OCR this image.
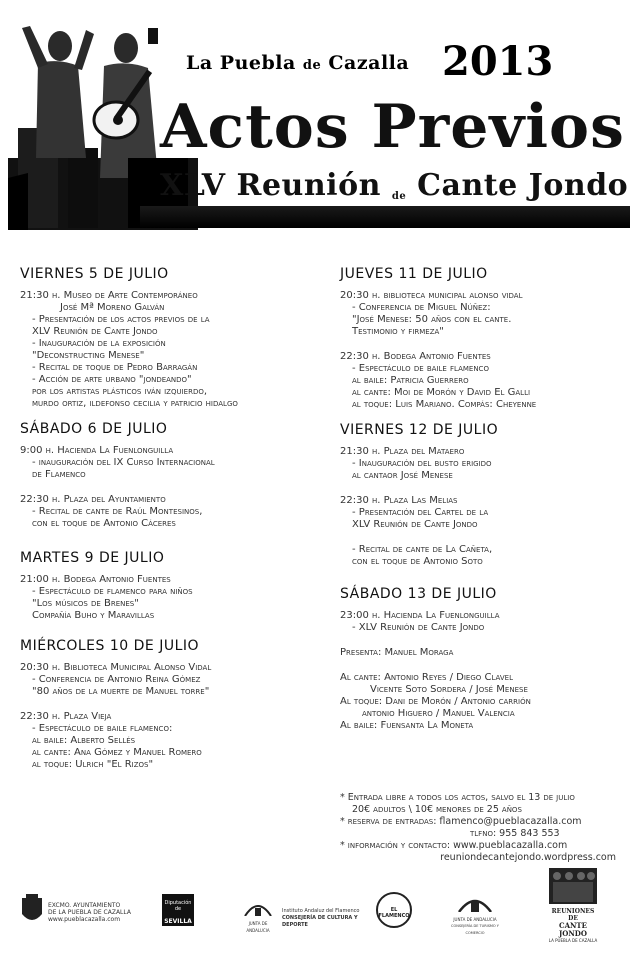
La Puebla de Cazalla 2013
Actos Previos
XLV Reunión de Cante Jondo
VIERNES 5 DE JULIO
21:30 h. Museo de Arte Contemporáneo
José Mª Moreno Galván
- Presentación de los actos previos de la
XLV Reunión de Cante Jondo
- Inauguración de la exposición
"Deconstructing Menese"
- Recital de toque de Pedro Barragán
- Acción de arte urbano "jondeando"
por los artistas plásticos iván izquierdo,
murdo ortiz, ildefonso cecilia y patricio hidalgo
SÁBADO 6 DE JULIO
9:00 h. Hacienda La Fuenlonguilla
- inauguración del IX Curso Internacional
de Flamenco
22:30 h. Plaza del Ayuntamiento
- Recital de cante de Raúl Montesinos,
con el toque de Antonio Cáceres
MARTES 9 DE JULIO
21:00 h. Bodega Antonio Fuentes
- Espectáculo de flamenco para niños
"Los músicos de Brenes"
Compañía Buho y Maravillas
MIÉRCOLES 10 DE JULIO
20:30 h. Biblioteca Municipal Alonso Vidal
- Conferencia de Antonio Reina Gómez
"80 años de la muerte de Manuel torre"
22:30 h. Plaza Vieja
- Espectáculo de baile flamenco:
al baile: Alberto Sellés
al cante: Ana Gómez y Manuel Romero
al toque: Ulrich "El Rizos"
JUEVES 11 DE JULIO
20:30 h. biblioteca municipal alonso vidal
- Conferencia de Miguel Núñez:
"José Menese: 50 años con el cante.
Testimonio y firmeza"
22:30 h. Bodega Antonio Fuentes
- Espectáculo de baile flamenco
al baile: Patricia Guerrero
al cante: Moi de Morón y David El Galli
al toque: Luis Mariano. Compás: Cheyenne
VIERNES 12 DE JULIO
21:30 h. Plaza del Mataero
- Inauguración del busto erigido
al cantaor José Menese
22:30 h. Plaza Las Melias
- Presentación del Cartel de la
XLV Reunión de Cante Jondo
- Recital de cante de La Cañeta,
con el toque de Antonio Soto
SÁBADO 13 DE JULIO
23:00 h. Hacienda La Fuenlonguilla
- XLV Reunión de Cante Jondo
Presenta: Manuel Moraga
Al cante: Antonio Reyes / Diego Clavel
Vicente Soto Sordera / José Menese
Al toque: Dani de Morón / Antonio carrión
antonio Higuero / Manuel Valencia
Al baile: Fuensanta La Moneta
* Entrada libre a todos los actos, salvo el 13 de julio
20€ adultos \ 10€ menores de 25 años
* reserva de entradas: flamenco@pueblacazalla.com
tlfno: 955 843 553
* información y contacto: www.pueblacazalla.com
reuniondecantejondo.wordpress.com
EXCMO. AYUNTAMIENTO
DE LA PUEBLA DE CAZALLA
www.pueblacazalla.com
Diputación de
SEVILLA	JUNTA DE ANDALUCIA
Instituto Andaluz del Flamenco
CONSEJERÍA DE CULTURA Y DEPORTE
EL FLAMENCO
JUNTA DE ANDALUCIA
CONSEJERÍA DE TURISMO Y COMERCIO
REUNIONES DE
CANTE JONDO
LA PUEBLA DE CAZALLA
